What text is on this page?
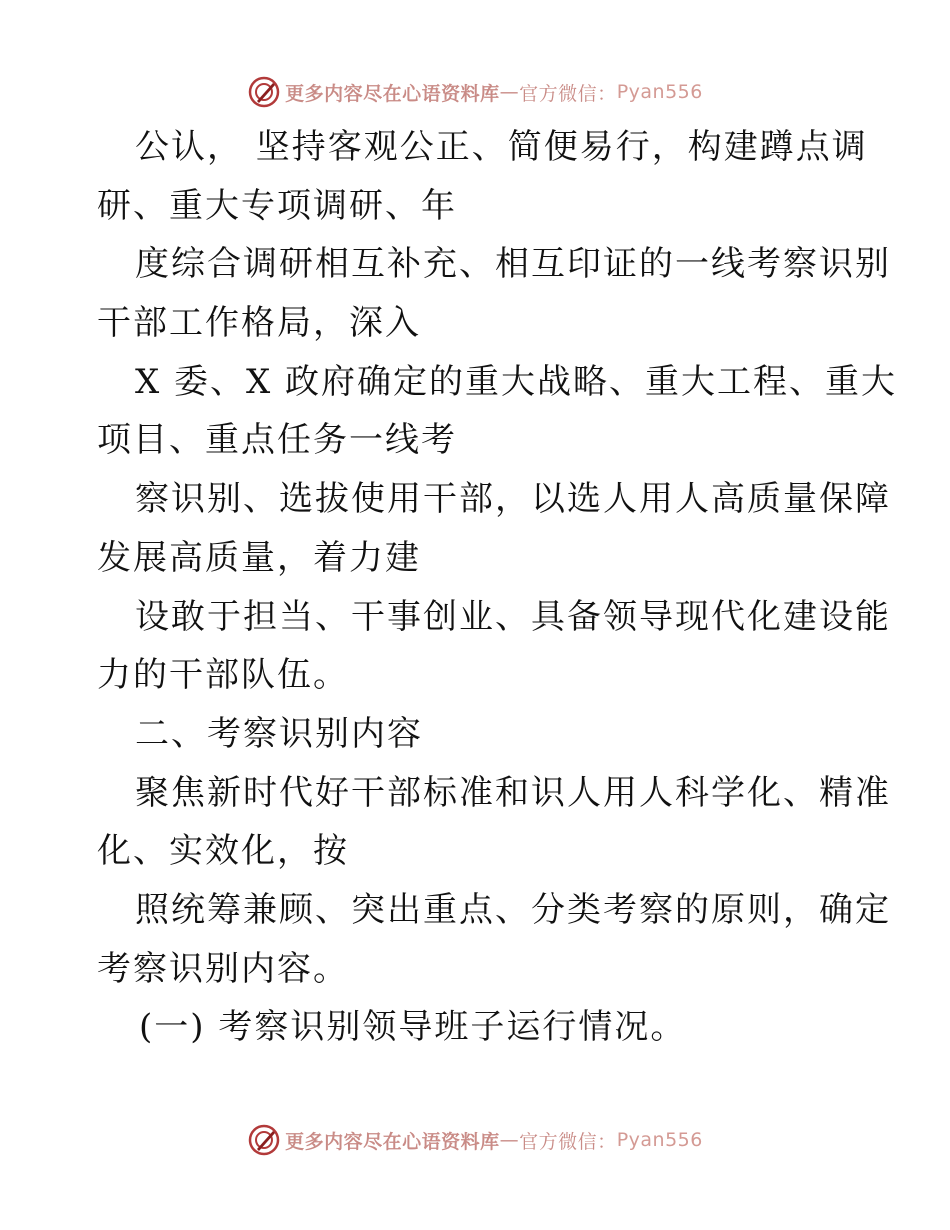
更多内容尽在心语资料库 — 官方微信： Pyan556
公认， 坚持客观公正、简便易行，构建蹲点调
研、重大专项调研、年
度综合调研相互补充、相互印证的一线考察识别
干部工作格局，深入
X 委、X 政府确定的重大战略、重大工程、重大
项目、重点任务一线考
察识别、选拔使用干部，以选人用人高质量保障
发展高质量，着力建
设敢于担当、干事创业、具备领导现代化建设能
力的干部队伍。
二、考察识别内容
聚焦新时代好干部标准和识人用人科学化、精准
化、实效化，按
照统筹兼顾、突出重点、分类考察的原则，确定
考察识别内容。
(一) 考察识别领导班子运行情况。
更多内容尽在心语资料库 — 官方微信： Pyan556
